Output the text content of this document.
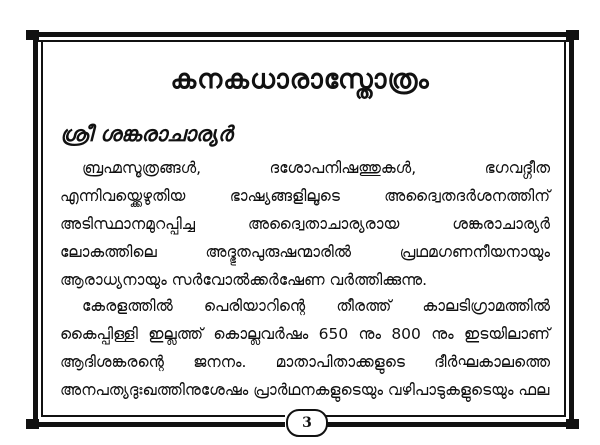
കനകധാരാസ്തോത്രം
ശ്രീ ശങ്കരാചാര്യർ
ബ്രഹ്മസൂത്രങ്ങൾ, ദശോപനിഷത്തുകൾ, ഭഗവദ്ഗീത എന്നിവയ്ക്കെഴുതിയ ഭാഷ്യങ്ങളിലൂടെ അദ്വൈതദർശനത്തിന് അടിസ്ഥാനമുറപ്പിച്ച അദ്വൈതാചാര്യരായ ശങ്കരാചാര്യർ ലോകത്തിലെ അദ്ഭുതപുരുഷന്മാരിൽ പ്രഥമഗണനീയനായും ആരാധ്യനായും സർവോൽക്കർഷേണ വർത്തിക്കുന്നു.
കേരളത്തിൽ പെരിയാറിന്റെ തീരത്ത് കാലടിഗ്രാമത്തിൽ കൈപ്പിള്ളി ഇല്ലത്ത് കൊല്ലവർഷം 650 നും 800 നും ഇടയിലാണ് ആദിശങ്കരന്റെ ജനനം. മാതാപിതാക്കളുടെ ദീർഘകാലത്തെ അനപത്യദുഃഖത്തിനുശേഷം പ്രാർഥനകളുടെയും വഴിപാടുകളുടെയും ഫല
3
